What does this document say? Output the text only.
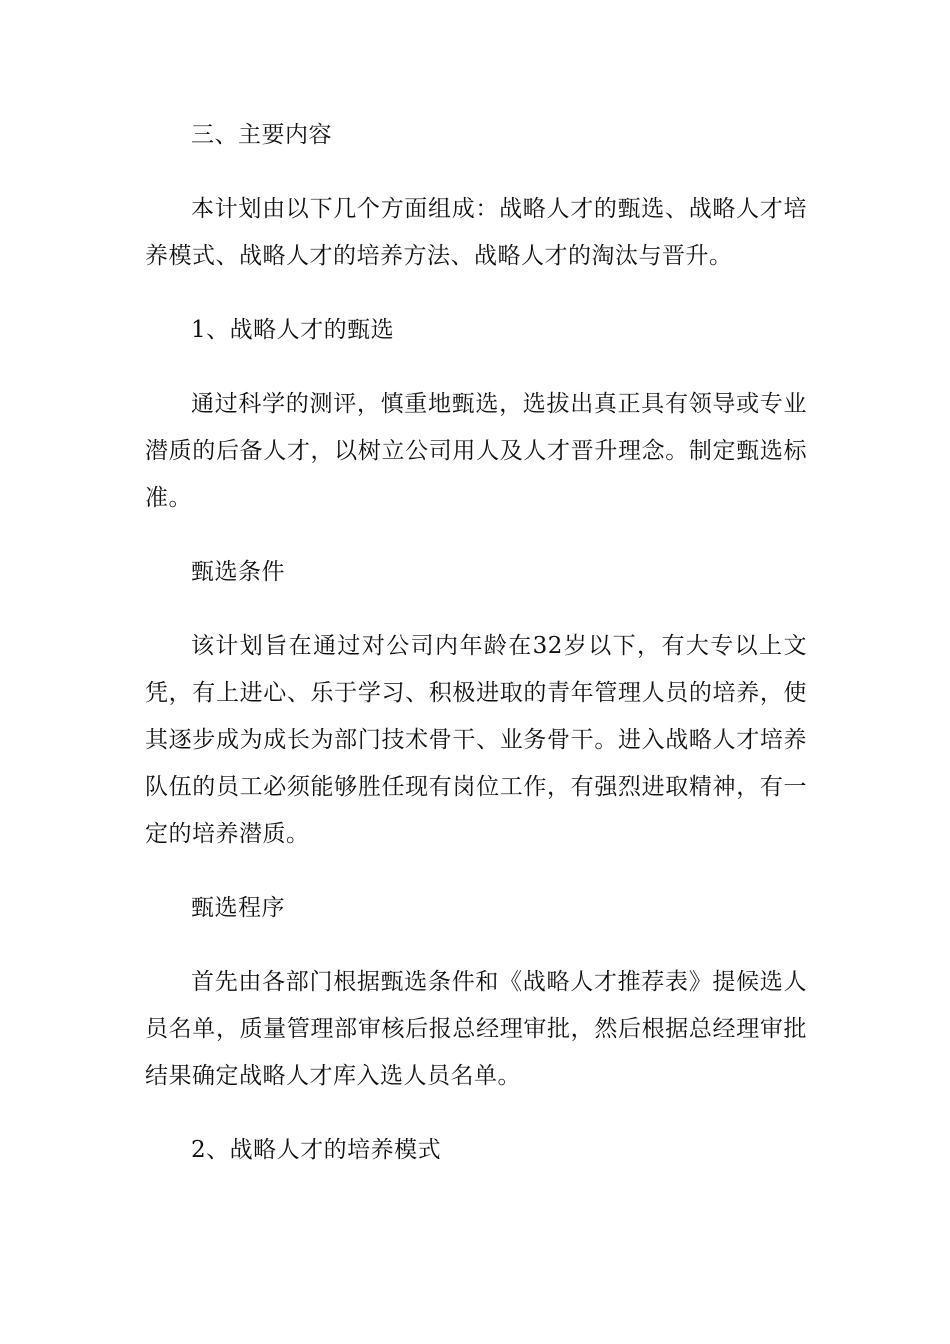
三、主要内容

本计划由以下几个方面组成：战略人才的甄选、战略人才培养模式、战略人才的培养方法、战略人才的淘汰与晋升。

1、战略人才的甄选

通过科学的测评，慎重地甄选，选拔出真正具有领导或专业潜质的后备人才，以树立公司用人及人才晋升理念。制定甄选标准。

甄选条件

该计划旨在通过对公司内年龄在32岁以下，有大专以上文凭，有上进心、乐于学习、积极进取的青年管理人员的培养，使其逐步成为成长为部门技术骨干、业务骨干。进入战略人才培养队伍的员工必须能够胜任现有岗位工作，有强烈进取精神，有一定的培养潜质。

甄选程序

首先由各部门根据甄选条件和《战略人才推荐表》提候选人员名单，质量管理部审核后报总经理审批，然后根据总经理审批结果确定战略人才库入选人员名单。

2、战略人才的培养模式
